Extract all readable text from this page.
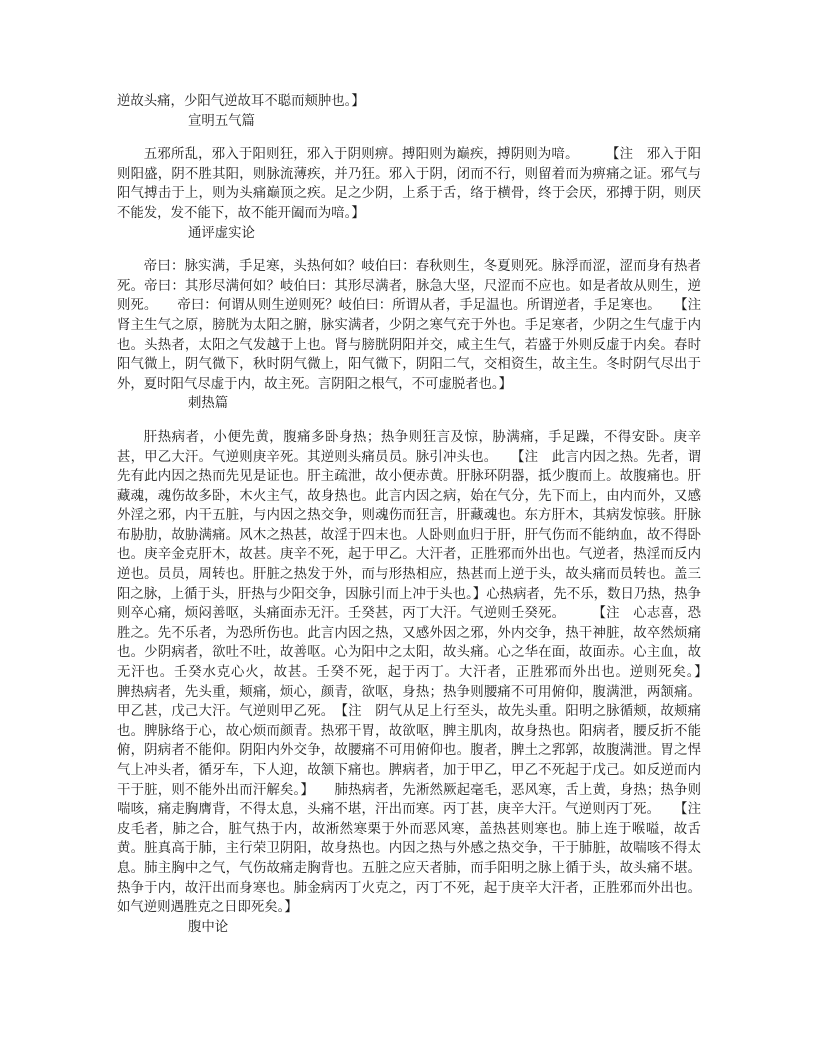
逆故头痛，少阳气逆故耳不聪而颊肿也。】

宣明五气篇

五邪所乱，邪入于阳则狂，邪入于阴则痹。搏阳则为巅疾，搏阴则为喑。　　　【注　邪入于阳则阳盛，阴不胜其阳，则脉流薄疾，并乃狂。邪入于阴，闭而不行，则留着而为痹痛之证。邪气与阳气搏击于上，则为头痛巅顶之疾。足之少阴，上系于舌，络于横骨，终于会厌，邪搏于阴，则厌不能发，发不能下，故不能开阖而为喑。】

通评虚实论

帝曰：脉实满，手足寒，头热何如？岐伯曰：春秋则生，冬夏则死。脉浮而涩，涩而身有热者死。帝曰：其形尽满何如？岐伯曰：其形尽满者，脉急大坚，尺涩而不应也。如是者故从则生，逆则死。　　帝曰：何谓从则生逆则死？岐伯曰：所谓从者，手足温也。所谓逆者，手足寒也。　　【注　肾主生气之原，膀胱为太阳之腑，脉实满者，少阴之寒气充于外也。手足寒者，少阴之生气虚于内也。头热者，太阳之气发越于上也。肾与膀胱阴阳并交，咸主生气，若盛于外则反虚于内矣。春时阳气微上，阴气微下，秋时阴气微上，阳气微下，阴阳二气，交相资生，故主生。冬时阴气尽出于外，夏时阳气尽虚于内，故主死。言阴阳之根气，不可虚脱者也。】

刺热篇

肝热病者，小便先黄，腹痛多卧身热；热争则狂言及惊，胁满痛，手足躁，不得安卧。庚辛甚，甲乙大汗。气逆则庚辛死。其逆则头痛员员。脉引冲头也。　　【注　此言内因之热。先者，谓先有此内因之热而先见是证也。肝主疏泄，故小便赤黄。肝脉环阴器，抵少腹而上。故腹痛也。肝藏魂，魂伤故多卧，木火主气，故身热也。此言内因之病，始在气分，先下而上，由内而外，又感外淫之邪，内干五脏，与内因之热交争，则魂伤而狂言，肝藏魂也。东方肝木，其病发惊骇。肝脉布胁肋，故胁满痛。风木之热甚，故淫于四末也。人卧则血归于肝，肝气伤而不能纳血，故不得卧也。庚辛金克肝木，故甚。庚辛不死，起于甲乙。大汗者，正胜邪而外出也。气逆者，热淫而反内逆也。员员，周转也。肝脏之热发于外，而与形热相应，热甚而上逆于头，故头痛而员转也。盖三阳之脉，上循于头，肝热与少阳交争，因脉引而上冲于头也。】心热病者，先不乐，数日乃热，热争则卒心痛，烦闷善呕，头痛面赤无汗。壬癸甚，丙丁大汗。气逆则壬癸死。　　　【注　心志喜，恐胜之。先不乐者，为恐所伤也。此言内因之热，又感外因之邪，外内交争，热干神脏，故卒然烦痛也。少阴病者，欲吐不吐，故善呕。心为阳中之太阳，故头痛。心之华在面，故面赤。心主血，故无汗也。壬癸水克心火，故甚。壬癸不死，起于丙丁。大汗者，正胜邪而外出也。逆则死矣。】　　脾热病者，先头重，颊痛，烦心，颜青，欲呕，身热；热争则腰痛不可用俯仰，腹满泄，两颔痛。甲乙甚，戊己大汗。气逆则甲乙死。　【注　阴气从足上行至头，故先头重。阳明之脉循颊，故颊痛也。脾脉络于心，故心烦而颜青。热邪干胃，故欲呕，脾主肌肉，故身热也。阳病者，腰反折不能俯，阴病者不能仰。阴阳内外交争，故腰痛不可用俯仰也。腹者，脾土之郛郭，故腹满泄。胃之悍气上冲头者，循牙车，下人迎，故颔下痛也。脾病者，加于甲乙，甲乙不死起于戊己。如反逆而内干于脏，则不能外出而汗解矣。】　　肺热病者，先淅然厥起毫毛，恶风寒，舌上黄，身热；热争则喘咳，痛走胸膺背，不得太息，头痛不堪，汗出而寒。丙丁甚，庚辛大汗。气逆则丙丁死。　　【注　皮毛者，肺之合，脏气热于内，故淅然寒栗于外而恶风寒，盖热甚则寒也。肺上连于喉嗌，故舌黄。脏真高于肺，主行荣卫阴阳，故身热也。内因之热与外感之热交争，干于肺脏，故喘咳不得太息。肺主胸中之气，气伤故痛走胸背也。五脏之应天者肺，而手阳明之脉上循于头，故头痛不堪。热争于内，故汗出而身寒也。肺金病丙丁火克之，丙丁不死，起于庚辛大汗者，正胜邪而外出也。如气逆则遇胜克之日即死矣。】

腹中论
